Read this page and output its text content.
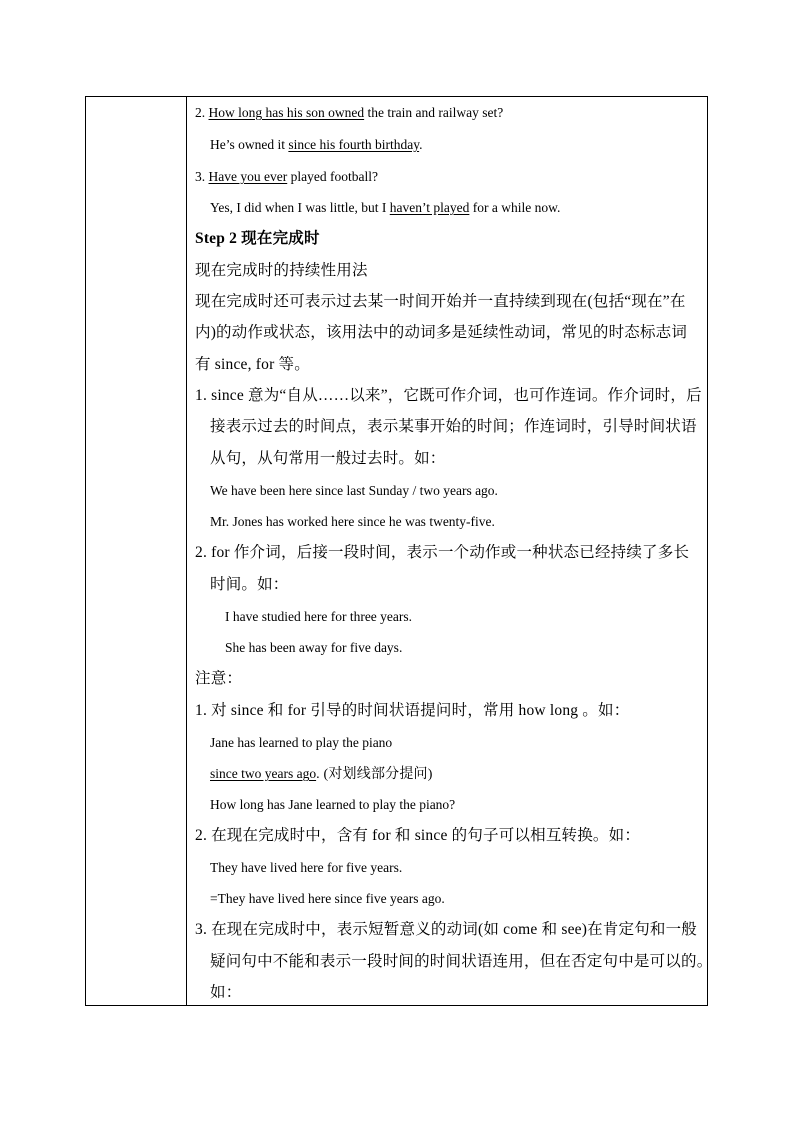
2. How long has his son owned the train and railway set?
He’s owned it since his fourth birthday.
3. Have you ever played football?
Yes, I did when I was little, but I haven’t played for a while now.
Step 2 现在完成时
现在完成时的持续性用法
现在完成时还可表示过去某一时间开始并一直持续到现在(包括“现在”在
内)的动作或状态，该用法中的动词多是延续性动词，常见的时态标志词
有 since, for 等。
1. since 意为“自从……以来”，它既可作介词，也可作连词。作介词时，后
接表示过去的时间点，表示某事开始的时间；作连词时，引导时间状语
从句，从句常用一般过去时。如：
We have been here since last Sunday / two years ago.
Mr. Jones has worked here since he was twenty-five.
2. for 作介词，后接一段时间，表示一个动作或一种状态已经持续了多长
时间。如：
I have studied here for three years.
She has been away for five days.
注意：
1. 对 since 和 for 引导的时间状语提问时，常用 how long 。如：
Jane has learned to play the piano
since two years ago. (对划线部分提问)
How long has Jane learned to play the piano?
2. 在现在完成时中，含有 for 和 since 的句子可以相互转换。如：
They have lived here for five years.
=They have lived here since five years ago.
3. 在现在完成时中，表示短暂意义的动词(如 come 和 see)在肯定句和一般
疑问句中不能和表示一段时间的时间状语连用，但在否定句中是可以的。
如：
